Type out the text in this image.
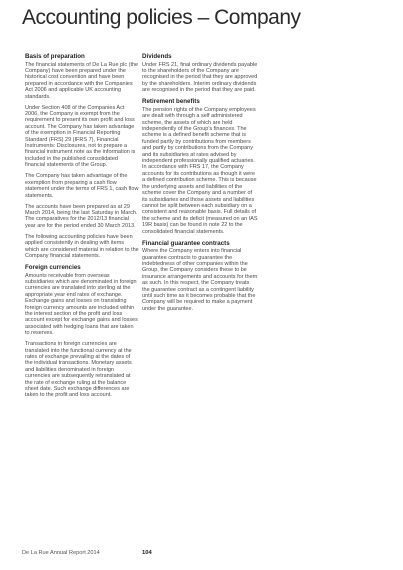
Accounting policies – Company
Basis of preparation

The financial statements of De La Rue plc (the Company) have been prepared under the historical cost convention and have been prepared in accordance with the Companies Act 2006 and applicable UK accounting standards.

Under Section 408 of the Companies Act 2006, the Company is exempt from the requirement to present its own profit and loss account. The Company has taken advantage of the exemption in Financial Reporting Standard (FRS) 29 (IFRS 7), Financial Instruments: Disclosures, not to prepare a financial instrument note as the information is included in the published consolidated financial statements of the Group.

The Company has taken advantage of the exemption from preparing a cash flow statement under the terms of FRS 1, cash flow statements.

The accounts have been prepared as at 29 March 2014, being the last Saturday in March. The comparatives for the 2012/13 financial year are for the period ended 30 March 2013.

The following accounting policies have been applied consistently in dealing with items which are considered material in relation to the Company financial statements.

Foreign currencies

Amounts receivable from overseas subsidiaries which are denominated in foreign currencies are translated into sterling at the appropriate year end rates of exchange. Exchange gains and losses on translating foreign currency amounts are included within the interest section of the profit and loss account except for exchange gains and losses associated with hedging loans that are taken to reserves.

Transactions in foreign currencies are translated into the functional currency at the rates of exchange prevailing at the dates of the individual transactions. Monetary assets and liabilities denominated in foreign currencies are subsequently retranslated at the rate of exchange ruling at the balance sheet date. Such exchange differences are taken to the profit and loss account.

Dividends

Under FRS 21, final ordinary dividends payable to the shareholders of the Company are recognised in the period that they are approved by the shareholders. Interim ordinary dividends are recognised in the period that they are paid.

Retirement benefits

The pension rights of the Company employees are dealt with through a self administered scheme, the assets of which are held independently of the Group's finances. The scheme is a defined benefit scheme that is funded partly by contributions from members and partly by contributions from the Company and its subsidiaries at rates advised by independent professionally qualified actuaries. In accordance with FRS 17, the Company accounts for its contributions as though it were a defined contribution scheme. This is because the underlying assets and liabilities of the scheme cover the Company and a number of its subsidiaries and those assets and liabilities cannot be split between each subsidiary on a consistent and reasonable basis. Full details of the scheme and its deficit (measured on an IAS 19R basis) can be found in note 22 to the consolidated financial statements.

Financial guarantee contracts

Where the Company enters into financial guarantee contracts to guarantee the indebtedness of other companies within the Group, the Company considers these to be insurance arrangements and accounts for them as such. In this respect, the Company treats the guarantee contract as a contingent liability until such time as it becomes probable that the Company will be required to make a payment under the guarantee.

De La Rue Annual Report 2014	104
